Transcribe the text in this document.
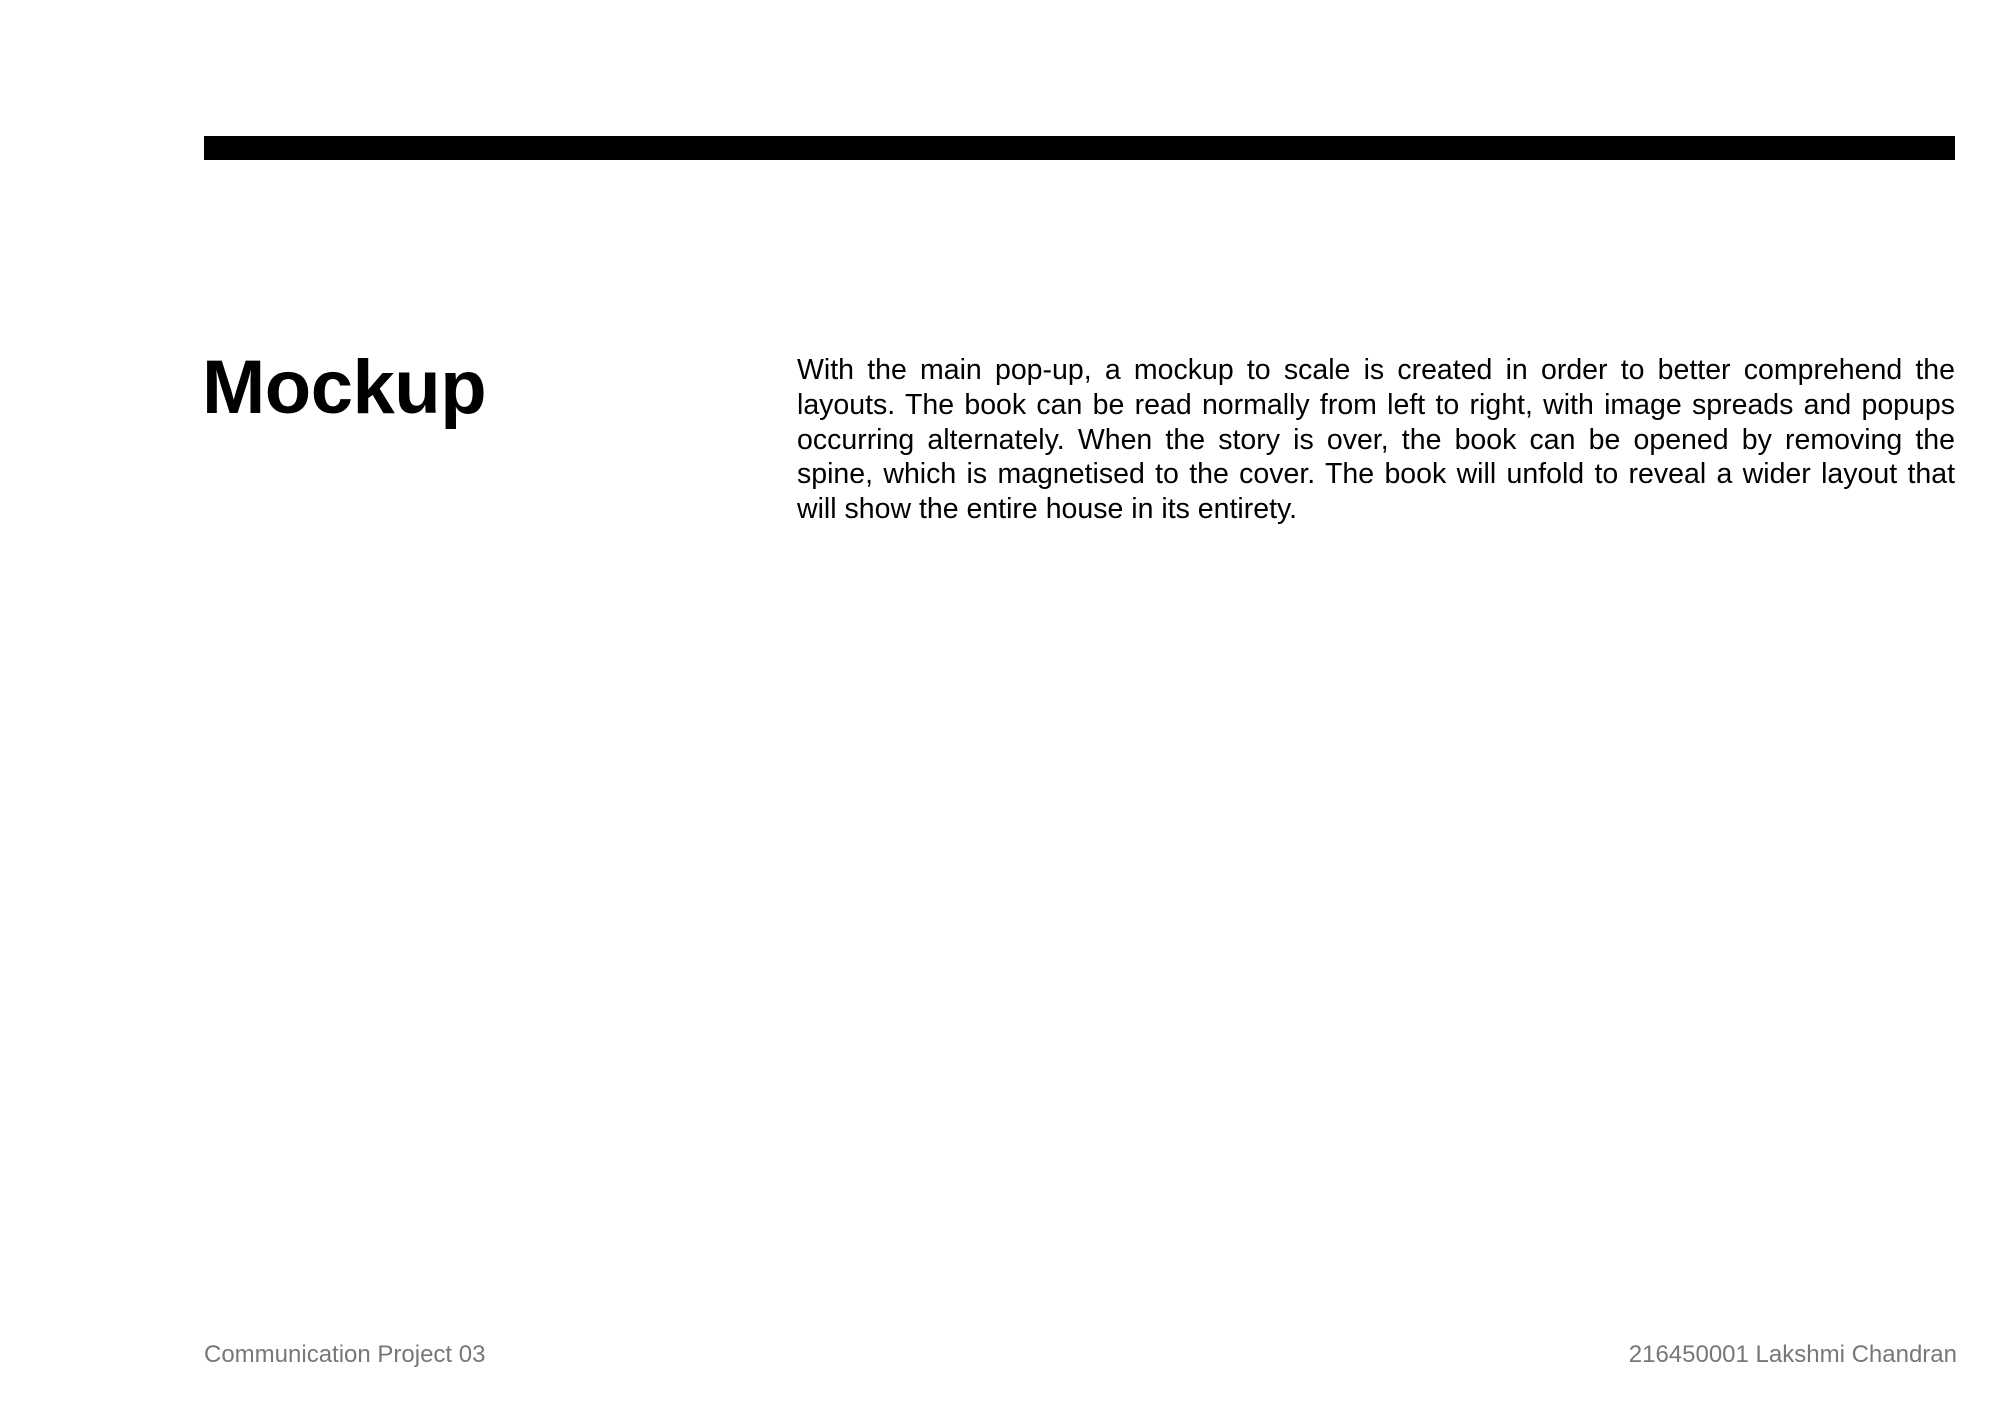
Mockup	With the main pop-up, a mockup to scale is created in order to better comprehend the layouts. The book can be read normally from left to right, with image spreads and popups occurring alternately. When the story is over, the book can be opened by removing the spine, which is magnetised to the cover. The book will unfold to reveal a wider layout that will show the entire house in its entirety.

Communication Project 03	216450001 Lakshmi Chandran
